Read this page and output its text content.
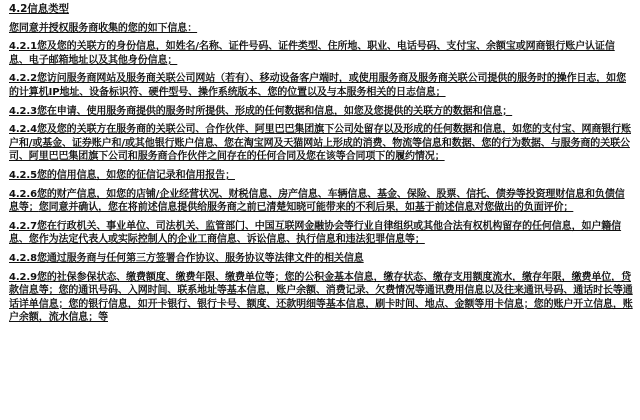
4.2信息类型
您同意并授权服务商收集的您的如下信息：
4.2.1您及您的关联方的身份信息，如姓名/名称、证件号码、证件类型、住所地、职业、电话号码、支付宝、余额宝或网商银行账户认证信息、电子邮箱地址以及其他身份信息；
4.2.2您访问服务商网站及服务商关联公司网站（若有）、移动设备客户端时，或使用服务商及服务商关联公司提供的服务时的操作日志，如您的计算机IP地址、设备标识符、硬件型号、操作系统版本、您的位置以及与本服务相关的日志信息；
4.2.3您在申请、使用服务商提供的服务时所提供、形成的任何数据和信息，如您及您提供的关联方的数据和信息；
4.2.4您及您的关联方在服务商的关联公司、合作伙伴、阿里巴巴集团旗下公司处留存以及形成的任何数据和信息，如您的支付宝、网商银行账户和/或基金、证券账户和/或其他银行账户信息、您在淘宝网及天猫网站上形成的消费、物流等信息和数据、您的行为数据、与服务商的关联公司、阿里巴巴集团旗下公司和服务商合作伙伴之间存在的任何合同及您在该等合同项下的履约情况；
4.2.5您的信用信息，如您的征信记录和信用报告；
4.2.6您的财产信息，如您的店铺/企业经营状况、财税信息、房产信息、车辆信息、基金、保险、股票、信托、债券等投资理财信息和负债信息等；您同意并确认，您在将前述信息提供给服务商之前已清楚知晓可能带来的不利后果，如基于前述信息对您做出的负面评价；
4.2.7您在行政机关、事业单位、司法机关、监管部门、中国互联网金融协会等行业自律组织或其他合法有权机构留存的任何信息，如户籍信息、您作为法定代表人或实际控制人的企业工商信息、诉讼信息、执行信息和违法犯罪信息等；
4.2.8您通过服务商与任何第三方签署合作协议、服务协议等法律文件的相关信息
4.2.9您的社保参保状态、缴费额度、缴费年限、缴费单位等；您的公积金基本信息，缴存状态、缴存支用额度流水，缴存年限，缴费单位，贷款信息等；您的通讯号码、入网时间、联系地址等基本信息，账户余额、消费记录、欠费情况等通讯费用信息以及往来通讯号码、通话时长等通话详单信息；您的银行信息，如开卡银行、银行卡号、额度、还款明细等基本信息，刷卡时间、地点、金额等用卡信息；您的账户开立信息，账户余额，流水信息；等
